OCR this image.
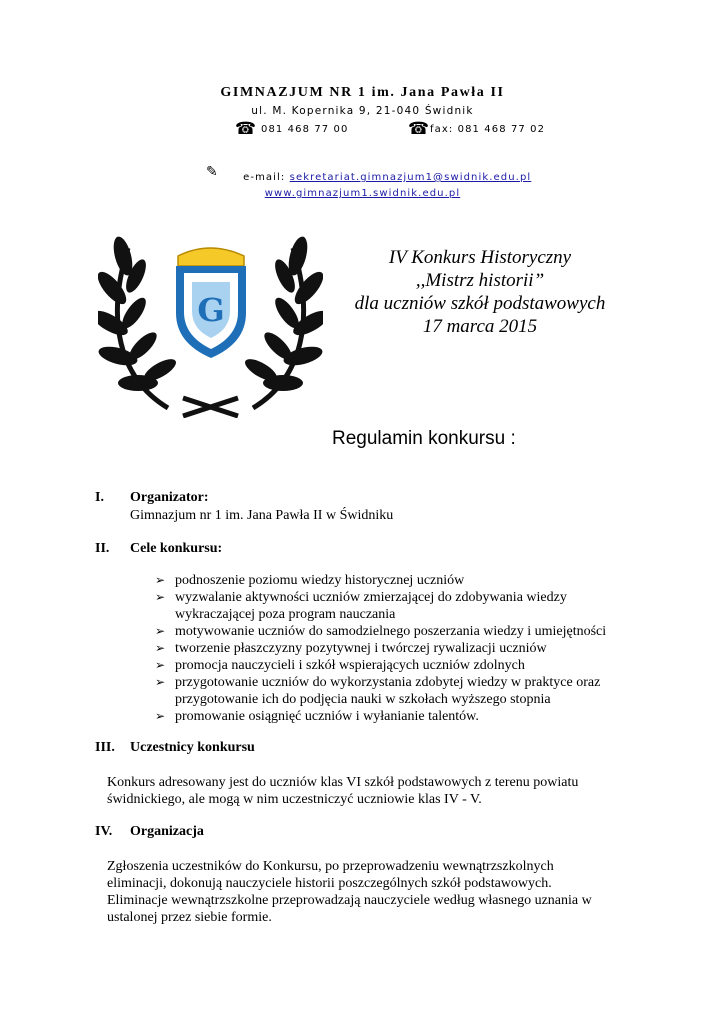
GIMNAZJUM NR 1 im. Jana Pawła II
ul. M. Kopernika 9, 21-040 Świdnik
☎ 081 468 77 00	☎ fax: 081 468 77 02
✎ e-mail: sekretariat.gimnazjum1@swidnik.edu.pl
www.gimnazjum1.swidnik.edu.pl
G
IV Konkurs Historyczny
,,Mistrz historii”
dla uczniów szkół podstawowych
17 marca 2015
Regulamin konkursu :
I. Organizator:
Gimnazjum nr 1 im. Jana Pawła II w Świdniku
II. Cele konkursu:
➢ podnoszenie poziomu wiedzy historycznej uczniów
➢ wyzwalanie aktywności uczniów zmierzającej do zdobywania wiedzy wykraczającej poza program nauczania
➢ motywowanie uczniów do samodzielnego poszerzania wiedzy i umiejętności
➢ tworzenie płaszczyzny pozytywnej i twórczej rywalizacji uczniów
➢ promocja nauczycieli i szkół wspierających uczniów zdolnych
➢ przygotowanie uczniów do wykorzystania zdobytej wiedzy w praktyce oraz przygotowanie ich do podjęcia nauki w szkołach wyższego stopnia
➢ promowanie osiągnięć uczniów i wyłanianie talentów.
III. Uczestnicy konkursu
Konkurs adresowany jest do uczniów klas VI szkół podstawowych z terenu powiatu
świdnickiego, ale mogą w nim uczestniczyć uczniowie klas IV - V.
IV. Organizacja
Zgłoszenia uczestników do Konkursu, po przeprowadzeniu wewnątrzszkolnych
eliminacji, dokonują nauczyciele historii poszczególnych szkół podstawowych.
Eliminacje wewnątrzszkolne przeprowadzają nauczyciele według własnego uznania w
ustalonej przez siebie formie.
